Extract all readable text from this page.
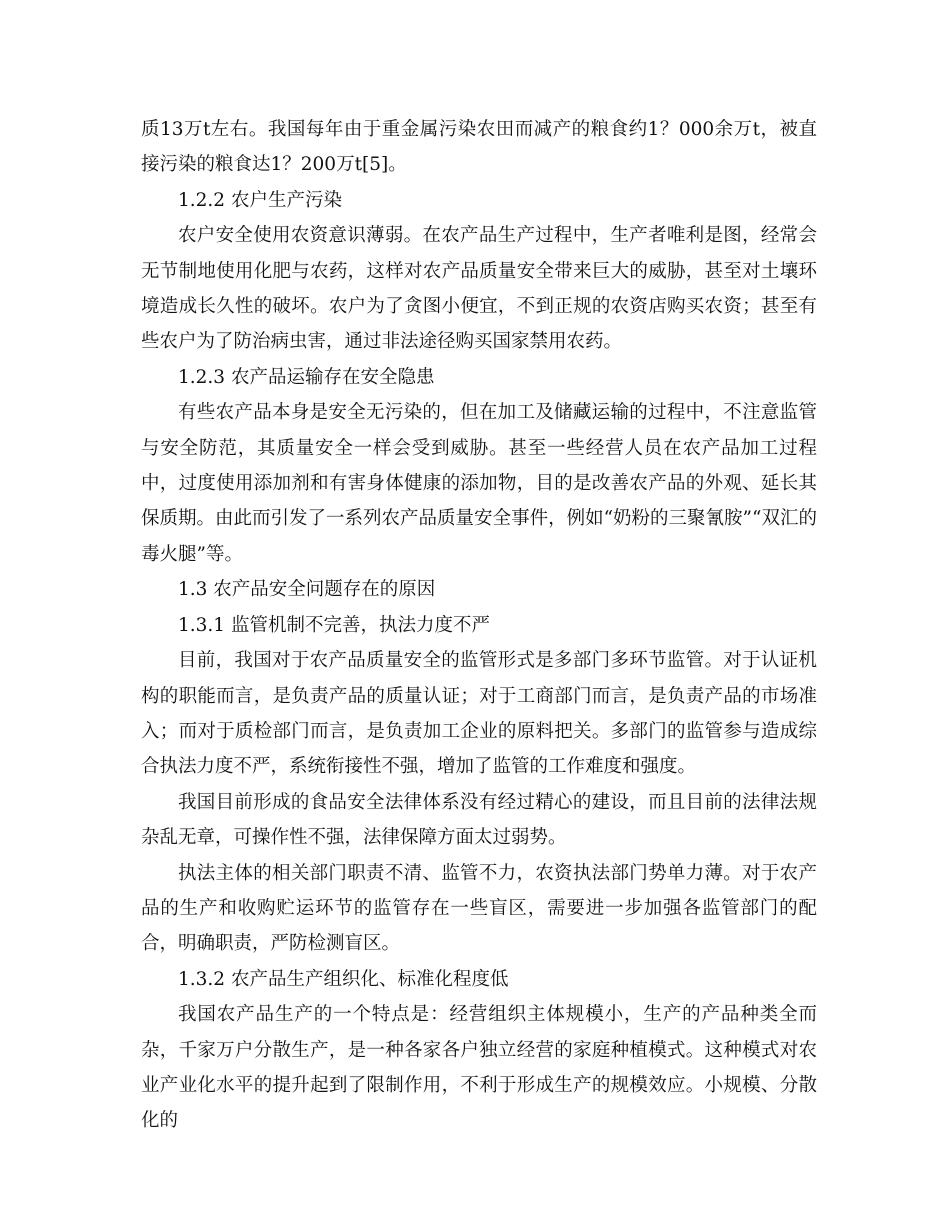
质13万t左右。我国每年由于重金属污染农田而减产的粮食约1？000余万t，被直接污染的粮食达1？200万t[5]。

1.2.2 农户生产污染

农户安全使用农资意识薄弱。在农产品生产过程中，生产者唯利是图，经常会无节制地使用化肥与农药，这样对农产品质量安全带来巨大的威胁，甚至对土壤环境造成长久性的破坏。农户为了贪图小便宜，不到正规的农资店购买农资；甚至有些农户为了防治病虫害，通过非法途径购买国家禁用农药。

1.2.3 农产品运输存在安全隐患

有些农产品本身是安全无污染的，但在加工及储藏运输的过程中，不注意监管与安全防范，其质量安全一样会受到威胁。甚至一些经营人员在农产品加工过程中，过度使用添加剂和有害身体健康的添加物，目的是改善农产品的外观、延长其保质期。由此而引发了一系列农产品质量安全事件，例如“奶粉的三聚氰胺”“双汇的毒火腿”等。

1.3 农产品安全问题存在的原因

1.3.1 监管机制不完善，执法力度不严

目前，我国对于农产品质量安全的监管形式是多部门多环节监管。对于认证机构的职能而言，是负责产品的质量认证；对于工商部门而言，是负责产品的市场准入；而对于质检部门而言，是负责加工企业的原料把关。多部门的监管参与造成综合执法力度不严，系统衔接性不强，增加了监管的工作难度和强度。

我国目前形成的食品安全法律体系没有经过精心的建设，而且目前的法律法规杂乱无章，可操作性不强，法律保障方面太过弱势。

执法主体的相关部门职责不清、监管不力，农资执法部门势单力薄。对于农产品的生产和收购贮运环节的监管存在一些盲区，需要进一步加强各监管部门的配合，明确职责，严防检测盲区。

1.3.2 农产品生产组织化、标准化程度低

我国农产品生产的一个特点是：经营组织主体规模小，生产的产品种类全而杂，千家万户分散生产，是一种各家各户独立经营的家庭种植模式。这种模式对农业产业化水平的提升起到了限制作用，不利于形成生产的规模效应。小规模、分散化的
